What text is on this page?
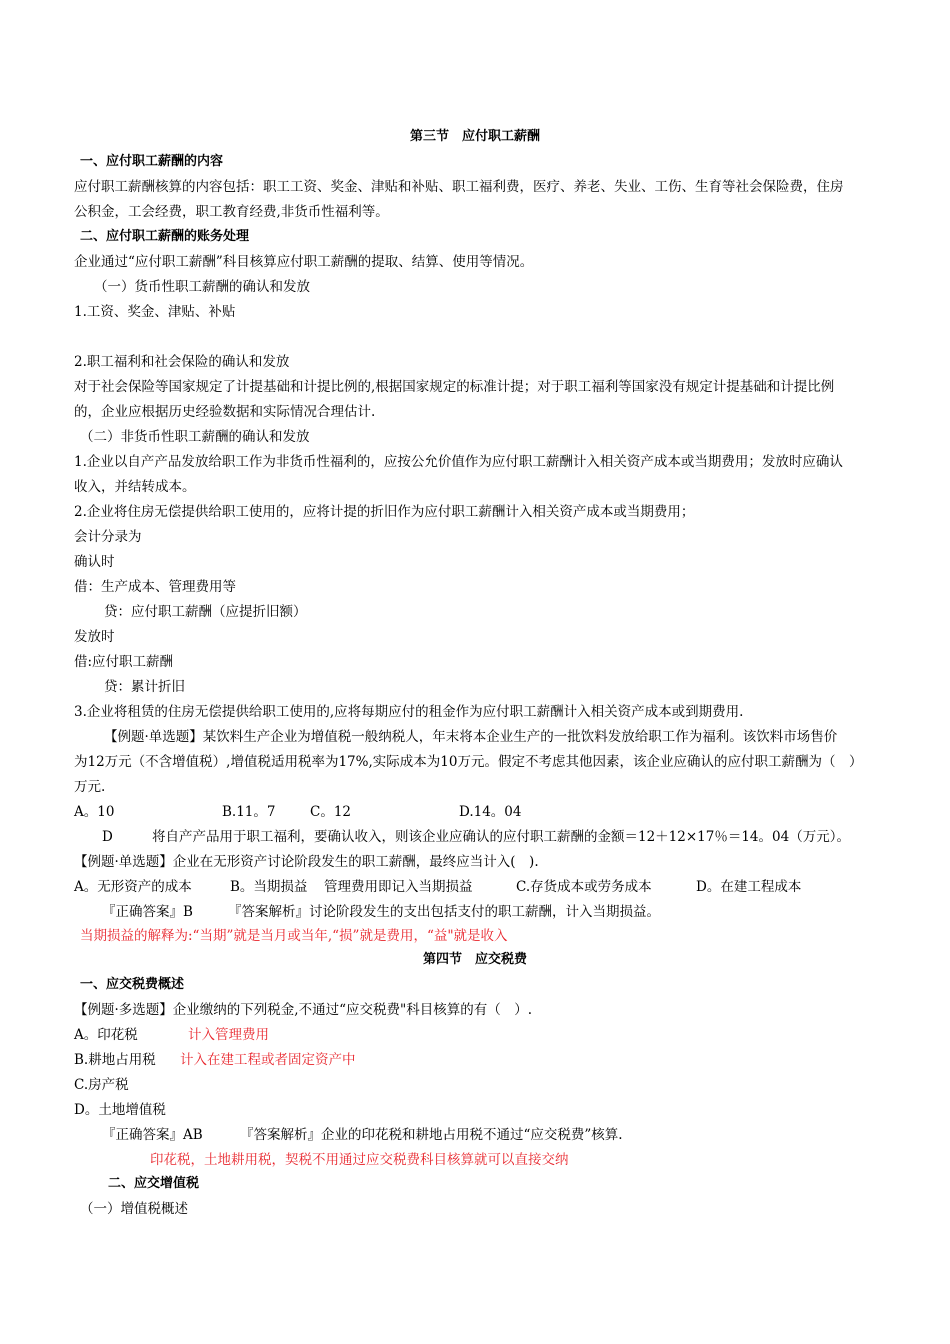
第三节　应付职工薪酬
一、应付职工薪酬的内容
应付职工薪酬核算的内容包括：职工工资、奖金、津贴和补贴、职工福利费，医疗、养老、失业、工伤、生育等社会保险费，住房
公积金，工会经费，职工教育经费,非货币性福利等。
二、应付职工薪酬的账务处理
企业通过“应付职工薪酬”科目核算应付职工薪酬的提取、结算、使用等情况。
（一）货币性职工薪酬的确认和发放
1.工资、奖金、津贴、补贴
2.职工福利和社会保险的确认和发放
对于社会保险等国家规定了计提基础和计提比例的,根据国家规定的标准计提；对于职工福利等国家没有规定计提基础和计提比例
的，企业应根据历史经验数据和实际情况合理估计.
（二）非货币性职工薪酬的确认和发放
1.企业以自产产品发放给职工作为非货币性福利的，应按公允价值作为应付职工薪酬计入相关资产成本或当期费用；发放时应确认
收入，并结转成本。
2.企业将住房无偿提供给职工使用的，应将计提的折旧作为应付职工薪酬计入相关资产成本或当期费用；
会计分录为
确认时
借：生产成本、管理费用等
贷：应付职工薪酬（应提折旧额）
发放时
借:应付职工薪酬
贷：累计折旧
3.企业将租赁的住房无偿提供给职工使用的,应将每期应付的租金作为应付职工薪酬计入相关资产成本或到期费用.
【例题·单选题】某饮料生产企业为增值税一般纳税人，年末将本企业生产的一批饮料发放给职工作为福利。该饮料市场售价
为12万元（不含增值税）,增值税适用税率为17%,实际成本为10万元。假定不考虑其他因素，该企业应确认的应付职工薪酬为（　）
万元.
A。10	B.11。7	C。12	D.14。04
D	将自产产品用于职工福利，要确认收入，则该企业应确认的应付职工薪酬的金额＝12＋12×17％＝14。04（万元）。
【例题·单选题】企业在无形资产讨论阶段发生的职工薪酬，最终应当计入(　).
A。无形资产的成本	B。当期损益 管理费用即记入当期损益	C.存货成本或劳务成本	D。在建工程成本
『正确答案』B	『答案解析』讨论阶段发生的支出包括支付的职工薪酬，计入当期损益。
当期损益的解释为:“当期”就是当月或当年,“损”就是费用，“益"就是收入
第四节　应交税费
一、应交税费概述
【例题·多选题】企业缴纳的下列税金,不通过“应交税费"科目核算的有（　）.
A。印花税	计入管理费用
B.耕地占用税 计入在建工程或者固定资产中
C.房产税
D。土地增值税
『正确答案』AB	『答案解析』企业的印花税和耕地占用税不通过“应交税费”核算.
印花税，土地耕用税，契税不用通过应交税费科目核算就可以直接交纳
二、应交增值税
（一）增值税概述
